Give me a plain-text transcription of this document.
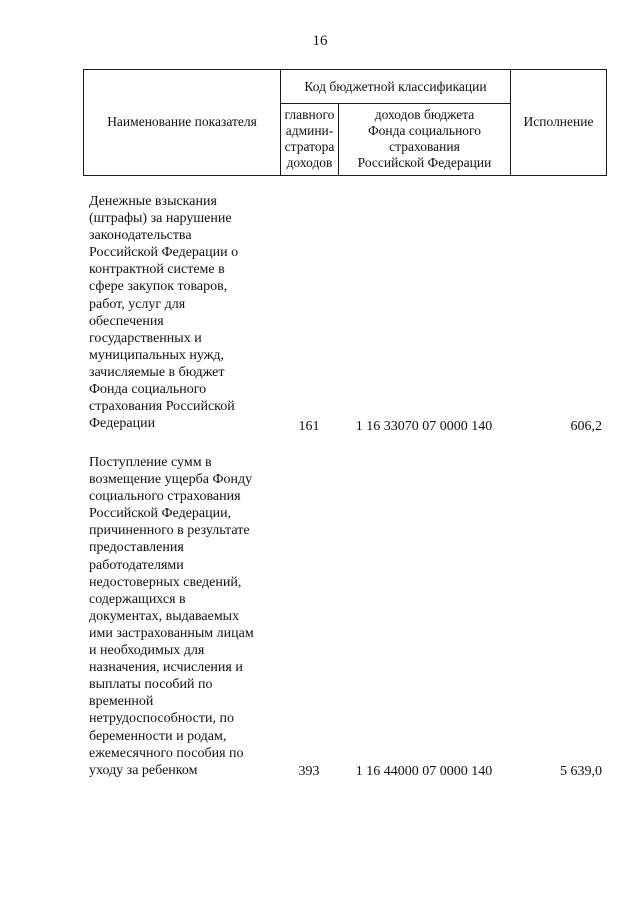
16
Наименование показателя
Код бюджетной классификации
главного
админи-
стратора
доходов
доходов бюджета
Фонда социального
страхования
Российской Федерации
Исполнение
Денежные взыскания
(штрафы) за нарушение
законодательства
Российской Федерации о
контрактной системе в
сфере закупок товаров,
работ, услуг для
обеспечения
государственных и
муниципальных нужд,
зачисляемые в бюджет
Фонда социального
страхования Российской
Федерации	161	1 16 33070 07 0000 140	606,2
Поступление сумм в
возмещение ущерба Фонду
социального страхования
Российской Федерации,
причиненного в результате
предоставления
работодателями
недостоверных сведений,
содержащихся в
документах, выдаваемых
ими застрахованным лицам
и необходимых для
назначения, исчисления и
выплаты пособий по
временной
нетрудоспособности, по
беременности и родам,
ежемесячного пособия по
уходу за ребенком	393	1 16 44000 07 0000 140	5 639,0
